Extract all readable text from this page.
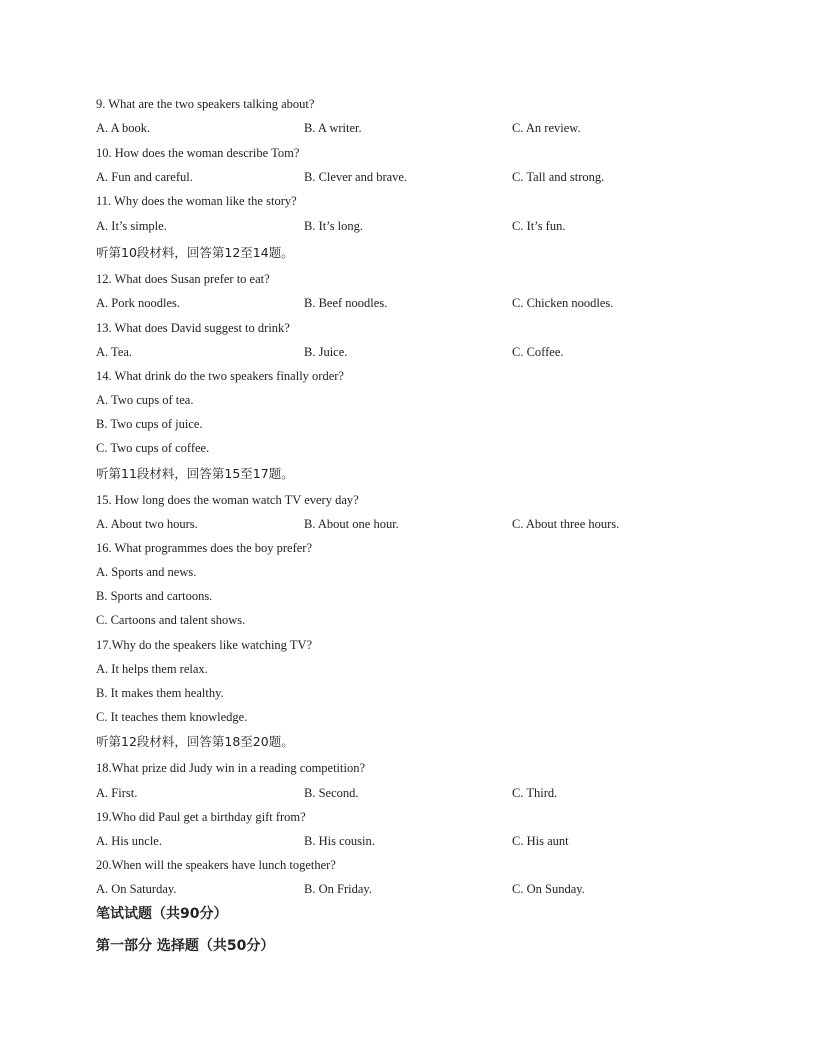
9. What are the two speakers talking about?
A. A book.	B. A writer.	C. An review.
10. How does the woman describe Tom?
A. Fun and careful.	B. Clever and brave.	C. Tall and strong.
11. Why does the woman like the story?
A. It’s simple.	B. It’s long.	C. It’s fun.
听第10段材料，回答第12至14题。
12. What does Susan prefer to eat?
A. Pork noodles.	B. Beef noodles.	C. Chicken noodles.
13. What does David suggest to drink?
A. Tea.	B. Juice.	C. Coffee.
14. What drink do the two speakers finally order?
A. Two cups of tea.
B. Two cups of juice.
C. Two cups of coffee.
听第11段材料，回答第15至17题。
15. How long does the woman watch TV every day?
A. About two hours.	B. About one hour.	C. About three hours.
16. What programmes does the boy prefer?
A. Sports and news.
B. Sports and cartoons.
C. Cartoons and talent shows.
17.Why do the speakers like watching TV?
A. It helps them relax.
B. It makes them healthy.
C. It teaches them knowledge.
听第12段材料，回答第18至20题。
18.What prize did Judy win in a reading competition?
A. First.	B. Second.	C. Third.
19.Who did Paul get a birthday gift from?
A. His uncle.	B. His cousin.	C. His aunt
20.When will the speakers have lunch together?
A. On Saturday.	B. On Friday.	C. On Sunday.
笔试试题（共90分）
第一部分 选择题（共50分）
